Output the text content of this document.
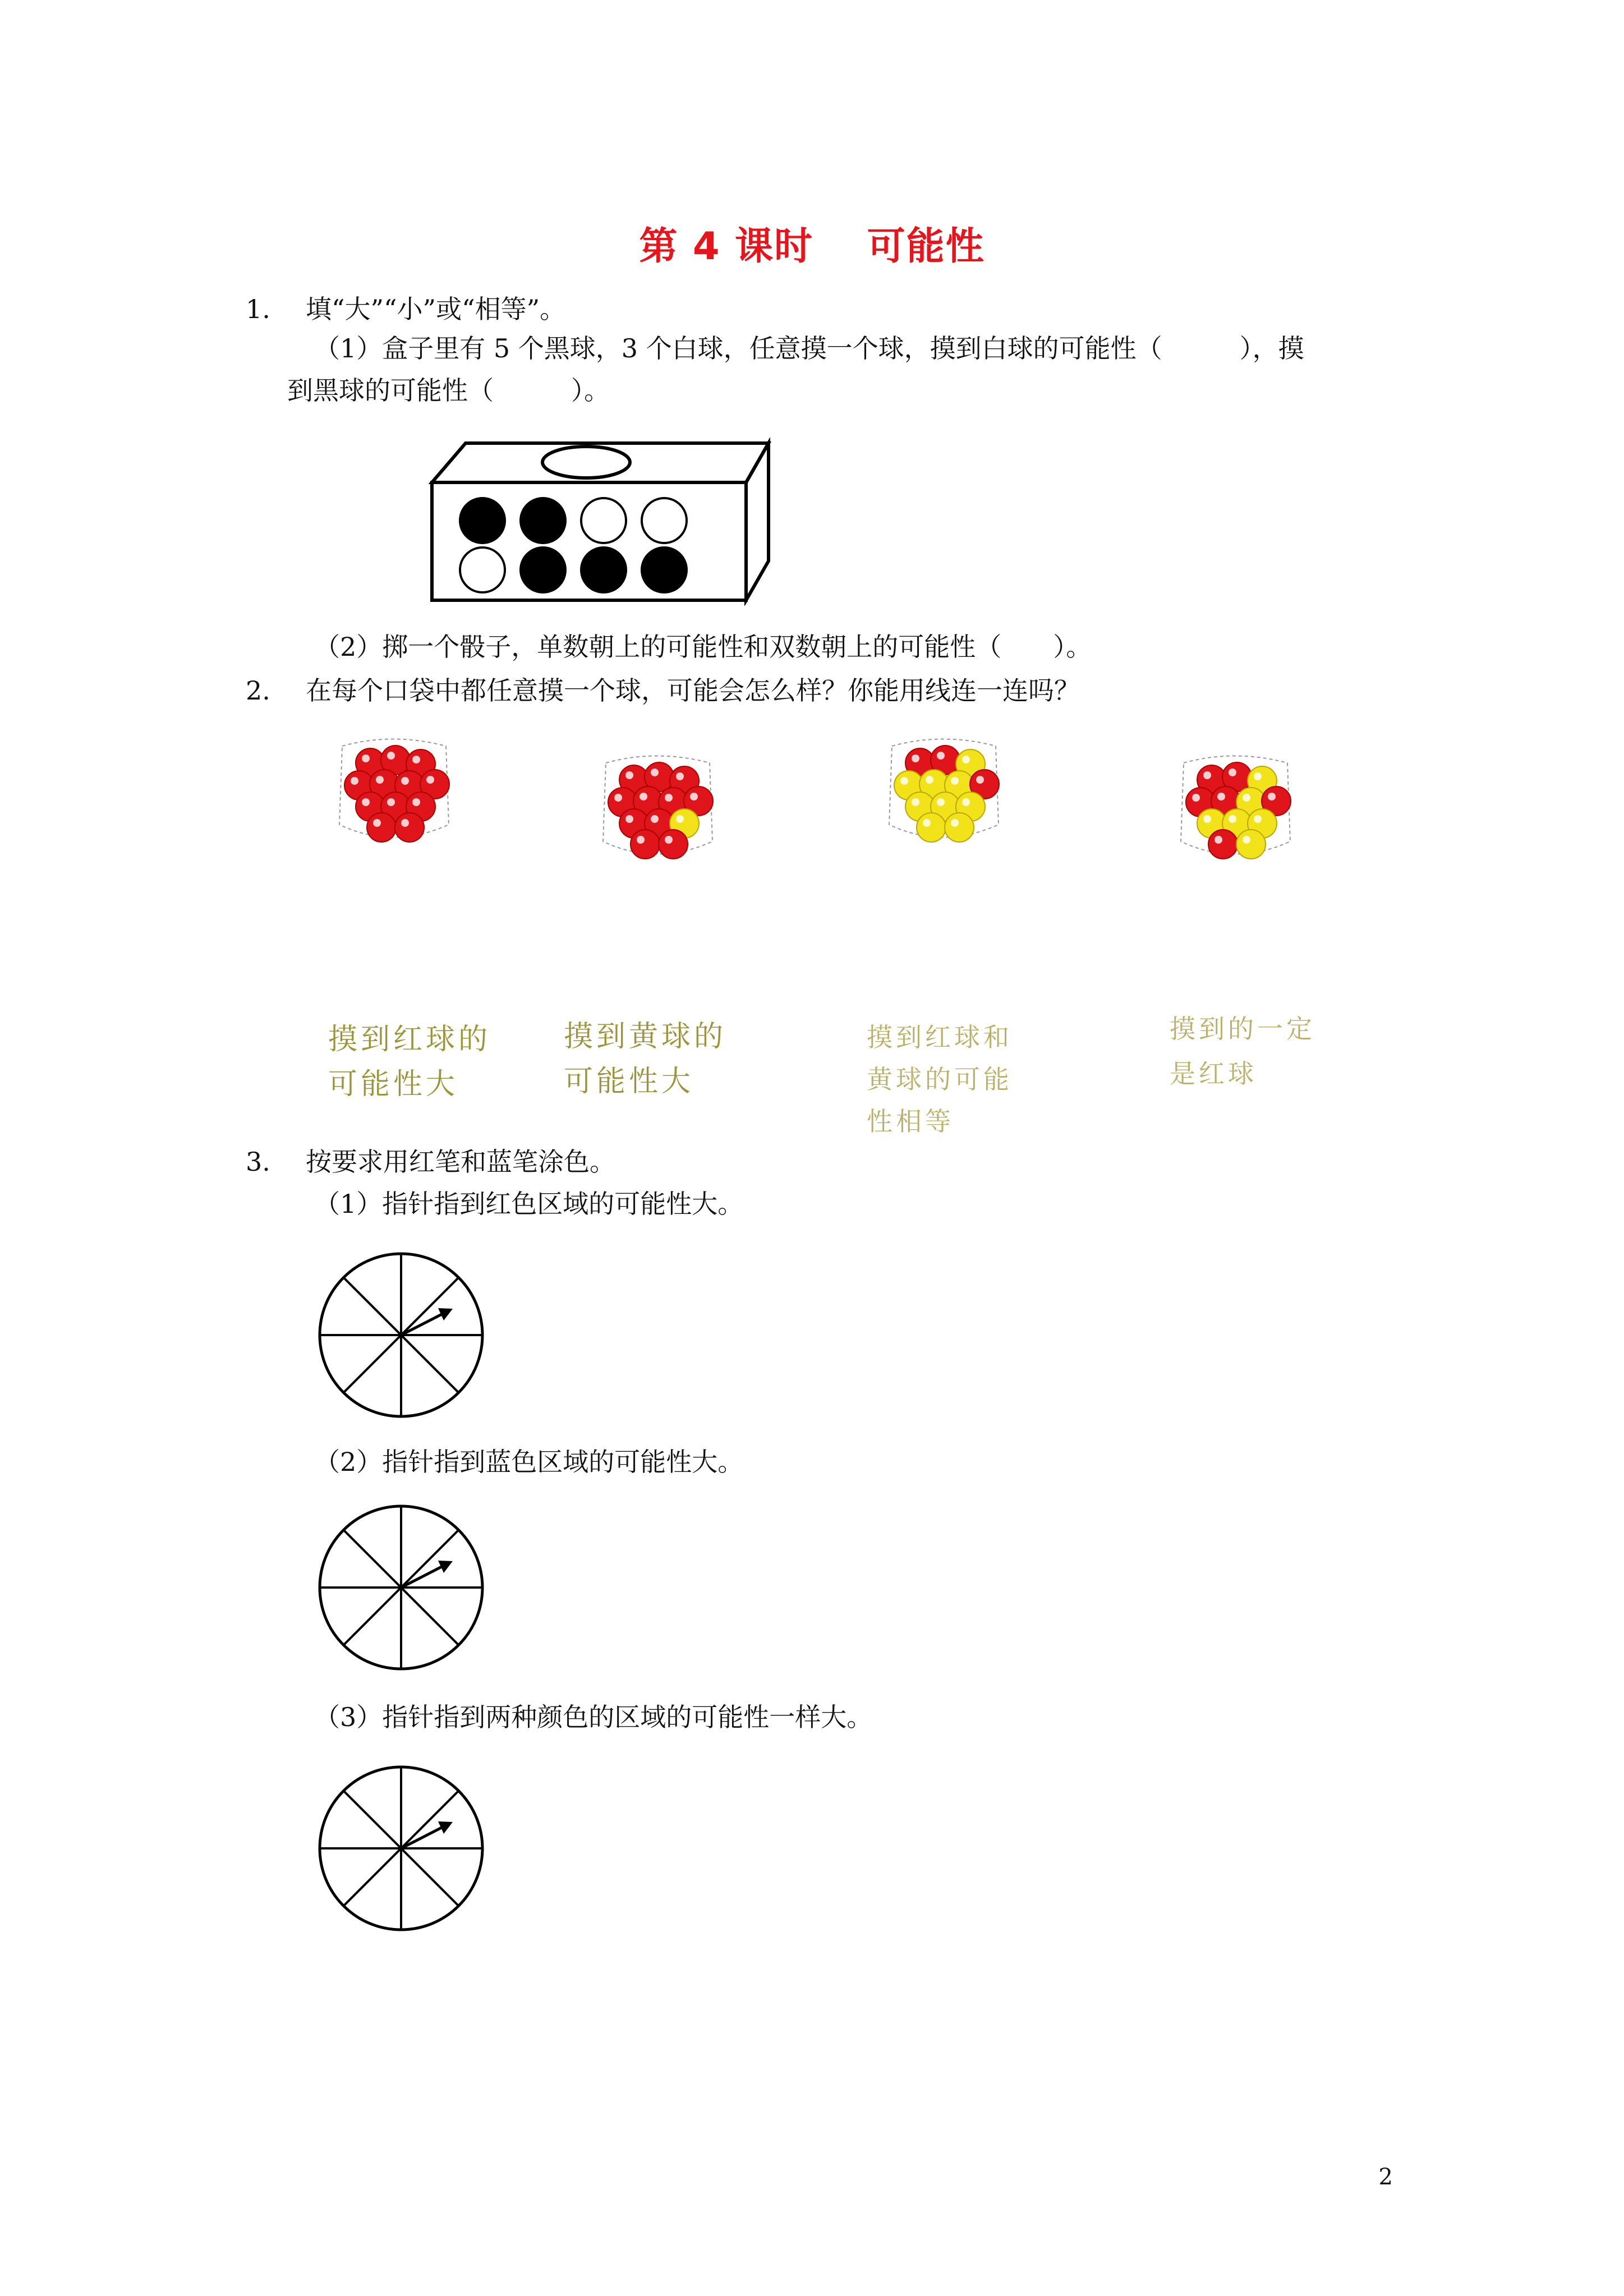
第 4 课时　 可能性
1. 填“大”“小”或“相等”。
（1）盒子里有 5 个黑球，3 个白球，任意摸一个球，摸到白球的可能性（　　　），摸
到黑球的可能性（　　　）。
（2）掷一个骰子，单数朝上的可能性和双数朝上的可能性（　　）。
2. 在每个口袋中都任意摸一个球，可能会怎么样？你能用线连一连吗？
摸到红球的
可能性大
摸到黄球的
可能性大
摸到红球和
黄球的可能
性相等
摸到的一定
是红球
3. 按要求用红笔和蓝笔涂色。
（1）指针指到红色区域的可能性大。
（2）指针指到蓝色区域的可能性大。
（3）指针指到两种颜色的区域的可能性一样大。
2
